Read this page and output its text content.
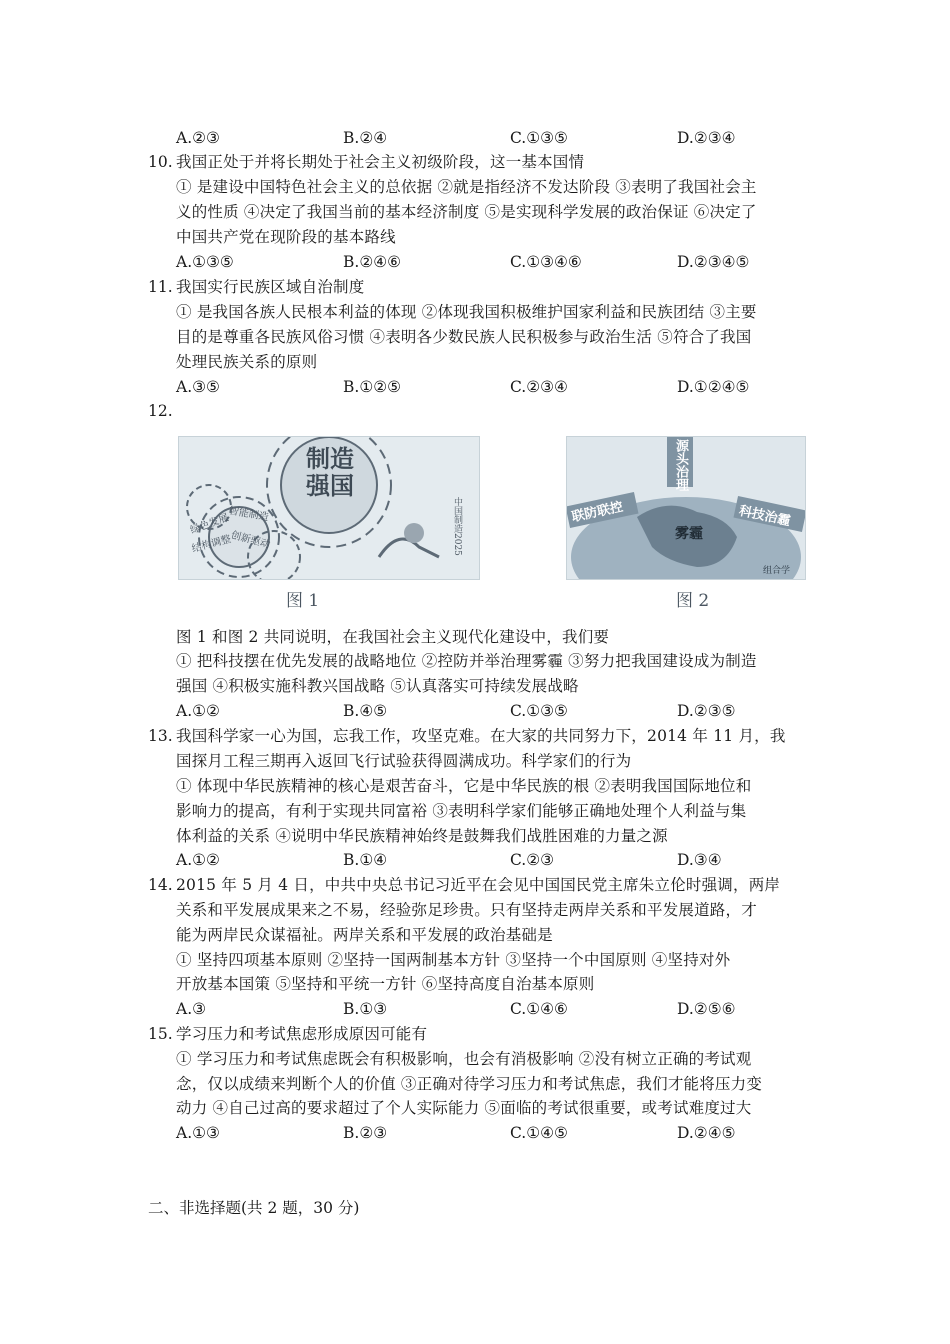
A.②③	B.②④	C.①③⑤	D.②③④
10. 我国正处于并将长期处于社会主义初级阶段，这一基本国情
① 是建设中国特色社会主义的总依据 ②就是指经济不发达阶段 ③表明了我国社会主
义的性质 ④决定了我国当前的基本经济制度 ⑤是实现科学发展的政治保证 ⑥决定了
中国共产党在现阶段的基本路线
A.①③⑤	B.②④⑥	C.①③④⑥	D.②③④⑤
11. 我国实行民族区域自治制度
① 是我国各族人民根本利益的体现 ②体现我国积极维护国家利益和民族团结 ③主要
目的是尊重各民族风俗习惯 ④表明各少数民族人民积极参与政治生活 ⑤符合了我国
处理民族关系的原则
A.③⑤	B.①②⑤	C.②③④	D.①②④⑤
12.
制造
强国
绿色发展
智能制造
结构调整
创新驱动	中国制造2025
图 1
源头治理
联防联控	科技治霾
雾霾
组合学
图 2
图 1 和图 2 共同说明，在我国社会主义现代化建设中，我们要
① 把科技摆在优先发展的战略地位 ②控防并举治理雾霾 ③努力把我国建设成为制造
强国 ④积极实施科教兴国战略 ⑤认真落实可持续发展战略
A.①②	B.④⑤	C.①③⑤	D.②③⑤
13. 我国科学家一心为国，忘我工作，攻坚克难。在大家的共同努力下，2014 年 11 月，我
国探月工程三期再入返回飞行试验获得圆满成功。科学家们的行为
① 体现中华民族精神的核心是艰苦奋斗，它是中华民族的根 ②表明我国国际地位和
影响力的提高，有利于实现共同富裕 ③表明科学家们能够正确地处理个人利益与集
体利益的关系 ④说明中华民族精神始终是鼓舞我们战胜困难的力量之源
A.①②	B.①④	C.②③	D.③④
14. 2015 年 5 月 4 日，中共中央总书记习近平在会见中国国民党主席朱立伦时强调，两岸
关系和平发展成果来之不易，经验弥足珍贵。只有坚持走两岸关系和平发展道路，才
能为两岸民众谋福祉。两岸关系和平发展的政治基础是
① 坚持四项基本原则 ②坚持一国两制基本方针 ③坚持一个中国原则 ④坚持对外
开放基本国策 ⑤坚持和平统一方针 ⑥坚持高度自治基本原则
A.③	B.①③	C.①④⑥	D.②⑤⑥
15. 学习压力和考试焦虑形成原因可能有
① 学习压力和考试焦虑既会有积极影响，也会有消极影响 ②没有树立正确的考试观
念，仅以成绩来判断个人的价值 ③正确对待学习压力和考试焦虑，我们才能将压力变
动力 ④自己过高的要求超过了个人实际能力 ⑤面临的考试很重要，或考试难度过大
A.①③	B.②③	C.①④⑤	D.②④⑤
二、非选择题(共 2 题，30 分)
